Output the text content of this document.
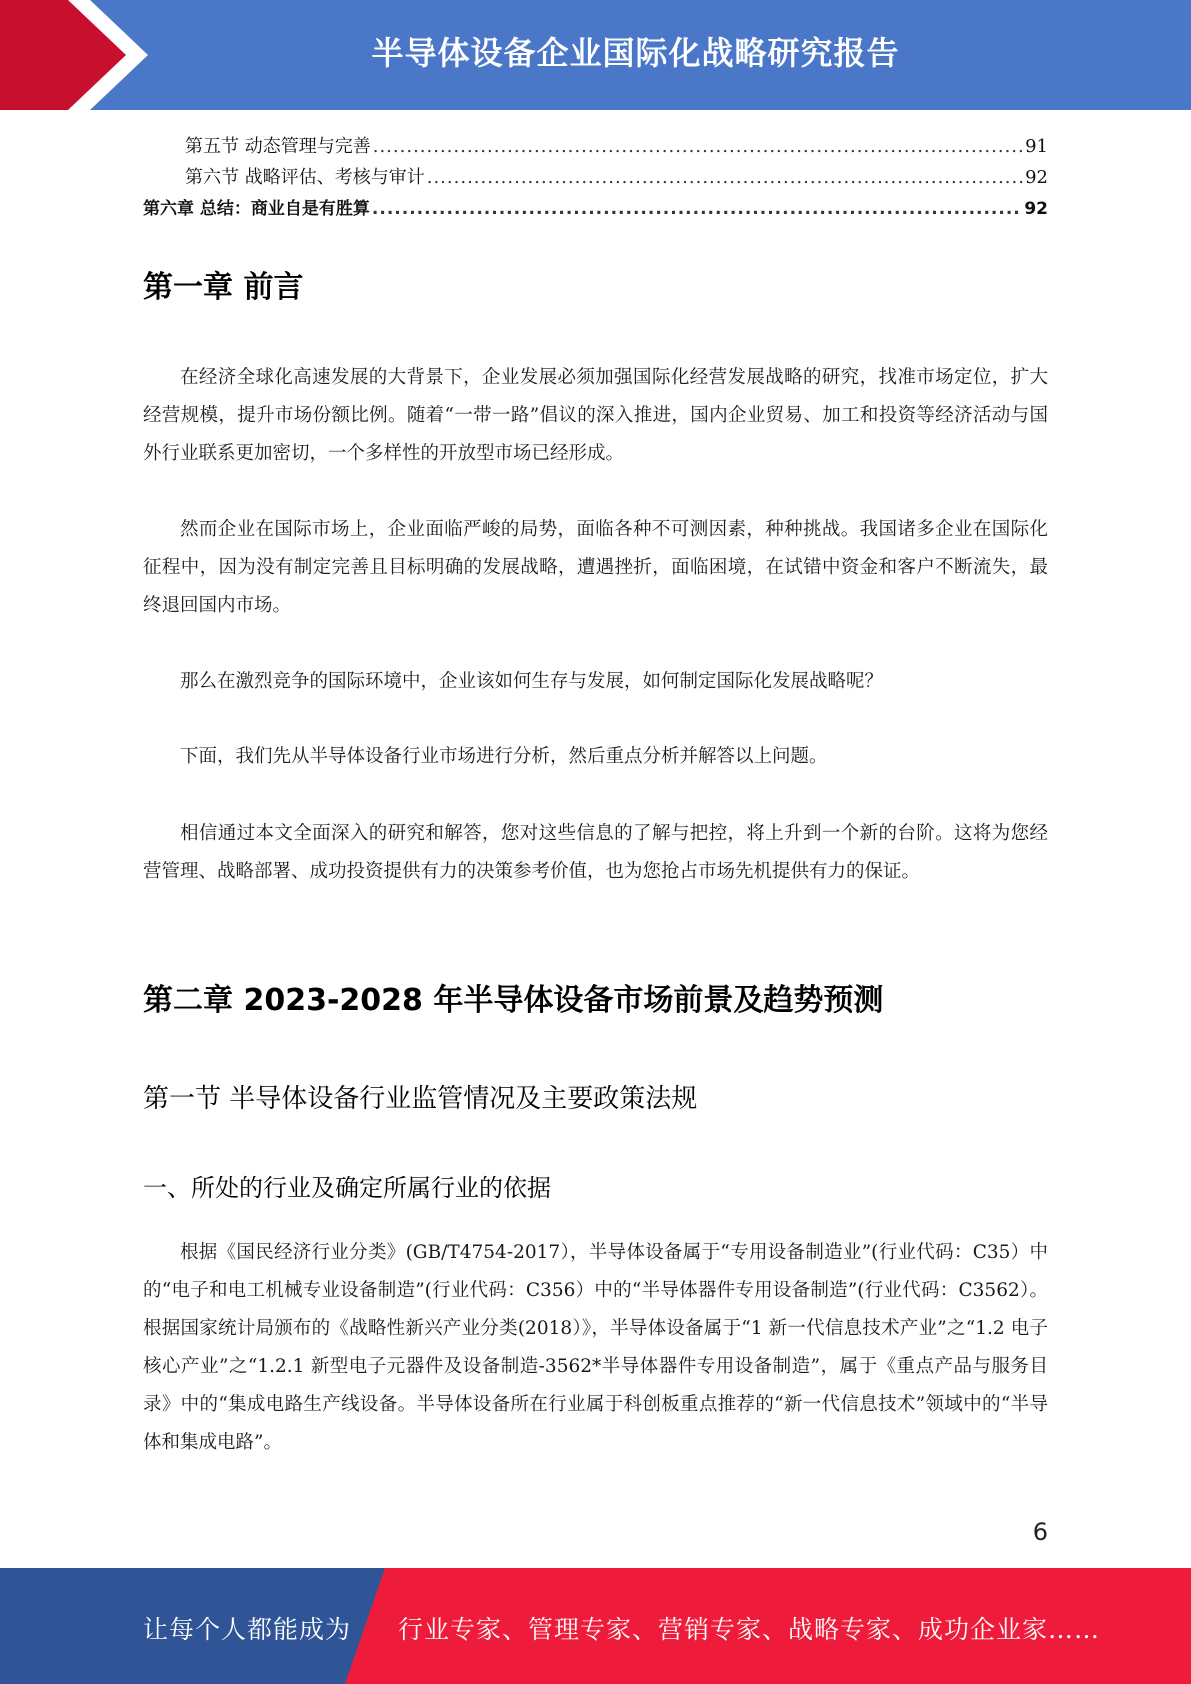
半导体设备企业国际化战略研究报告
第五节 动态管理与完善 .....	91
第六节 战略评估、考核与审计 .....	92
第六章 总结：商业自是有胜算 .....	92
第一章 前言

在经济全球化高速发展的大背景下，企业发展必须加强国际化经营发展战略的研究，找准市场定位，扩大经营规模，提升市场份额比例。随着“一带一路”倡议的深入推进，国内企业贸易、加工和投资等经济活动与国外行业联系更加密切，一个多样性的开放型市场已经形成。

然而企业在国际市场上，企业面临严峻的局势，面临各种不可测因素，种种挑战。我国诸多企业在国际化征程中，因为没有制定完善且目标明确的发展战略，遭遇挫折，面临困境，在试错中资金和客户不断流失，最终退回国内市场。

那么在激烈竞争的国际环境中，企业该如何生存与发展，如何制定国际化发展战略呢？

下面，我们先从半导体设备行业市场进行分析，然后重点分析并解答以上问题。

相信通过本文全面深入的研究和解答，您对这些信息的了解与把控，将上升到一个新的台阶。这将为您经营管理、战略部署、成功投资提供有力的决策参考价值，也为您抢占市场先机提供有力的保证。

第二章 2023-2028 年半导体设备市场前景及趋势预测
第一节 半导体设备行业监管情况及主要政策法规
一、所处的行业及确定所属行业的依据

根据《国民经济行业分类》(GB/T4754-2017），半导体设备属于“专用设备制造业”(行业代码：C35）中的“电子和电工机械专业设备制造”(行业代码：C356）中的“半导体器件专用设备制造”(行业代码：C3562）。根据国家统计局颁布的《战略性新兴产业分类(2018）》，半导体设备属于“1 新一代信息技术产业”之“1.2 电子核心产业”之“1.2.1 新型电子元器件及设备制造-3562*半导体器件专用设备制造”，属于《重点产品与服务目录》中的“集成电路生产线设备。半导体设备所在行业属于科创板重点推荐的“新一代信息技术”领域中的“半导体和集成电路”。

6
让每个人都能成为 行业专家、管理专家、营销专家、战略专家、成功企业家……
